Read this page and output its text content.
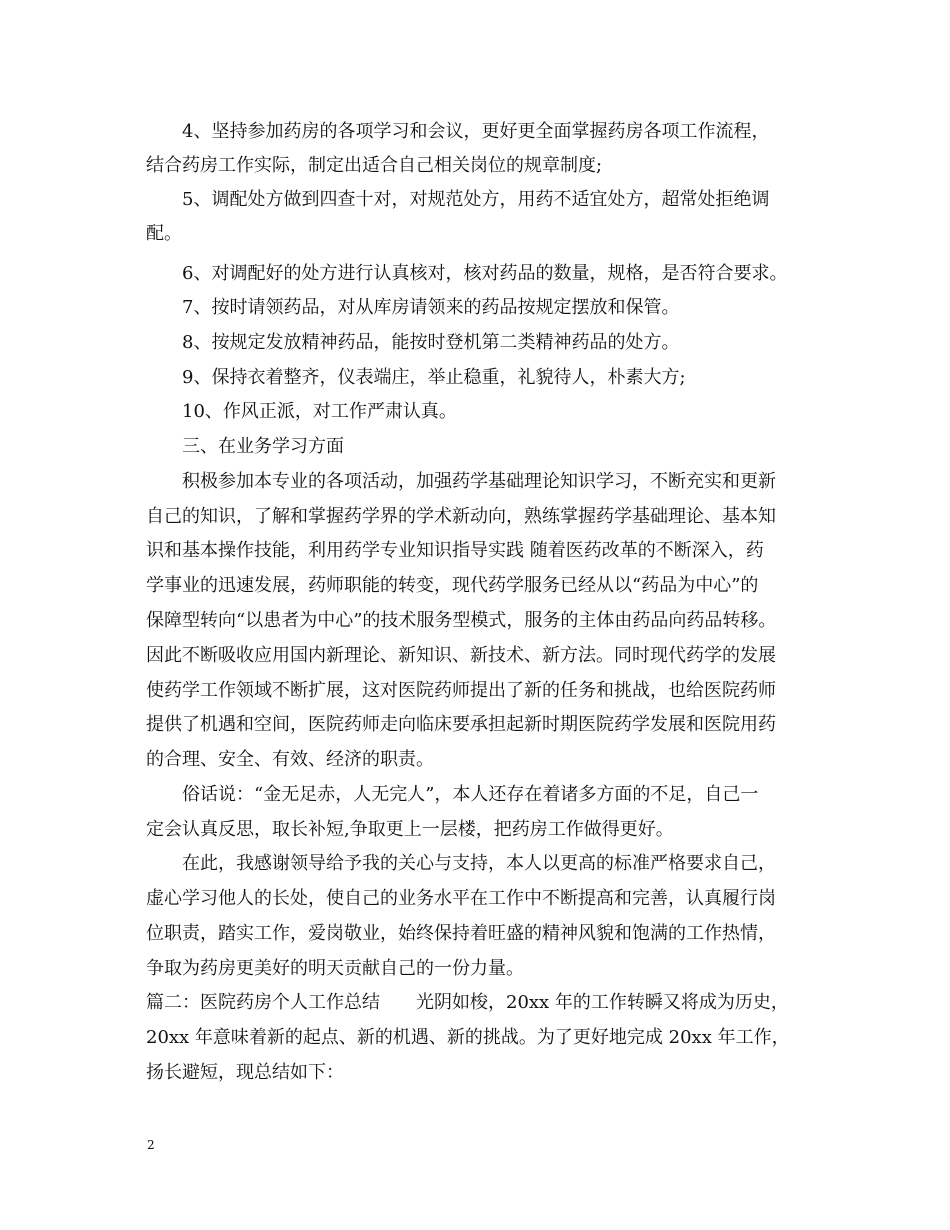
　　4、坚持参加药房的各项学习和会议，更好更全面掌握药房各项工作流程，
结合药房工作实际，制定出适合自己相关岗位的规章制度;
　　5、调配处方做到四查十对，对规范处方，用药不适宜处方，超常处拒绝调
配。
　　6、对调配好的处方进行认真核对，核对药品的数量，规格，是否符合要求。
　　7、按时请领药品，对从库房请领来的药品按规定摆放和保管。
　　8、按规定发放精神药品，能按时登机第二类精神药品的处方。
　　9、保持衣着整齐，仪表端庄，举止稳重，礼貌待人，朴素大方;
　　10、作风正派，对工作严肃认真。
　　三、在业务学习方面
　　积极参加本专业的各项活动，加强药学基础理论知识学习，不断充实和更新
自己的知识，了解和掌握药学界的学术新动向，熟练掌握药学基础理论、基本知
识和基本操作技能，利用药学专业知识指导实践 随着医药改革的不断深入，药
学事业的迅速发展，药师职能的转变，现代药学服务已经从以“药品为中心”的
保障型转向“以患者为中心”的技术服务型模式，服务的主体由药品向药品转移。
因此不断吸收应用国内新理论、新知识、新技术、新方法。同时现代药学的发展
使药学工作领域不断扩展，这对医院药师提出了新的任务和挑战，也给医院药师
提供了机遇和空间，医院药师走向临床要承担起新时期医院药学发展和医院用药
的合理、安全、有效、经济的职责。
　　俗话说：“金无足赤，人无完人”，本人还存在着诸多方面的不足，自己一
定会认真反思，取长补短,争取更上一层楼，把药房工作做得更好。
　　在此，我感谢领导给予我的关心与支持，本人以更高的标准严格要求自己，
虚心学习他人的长处，使自己的业务水平在工作中不断提高和完善，认真履行岗
位职责，踏实工作，爱岗敬业，始终保持着旺盛的精神风貌和饱满的工作热情，
争取为药房更美好的明天贡献自己的一份力量。
篇二：医院药房个人工作总结　　光阴如梭，20xx 年的工作转瞬又将成为历史，
20xx 年意味着新的起点、新的机遇、新的挑战。为了更好地完成 20xx 年工作，
扬长避短，现总结如下：
2
